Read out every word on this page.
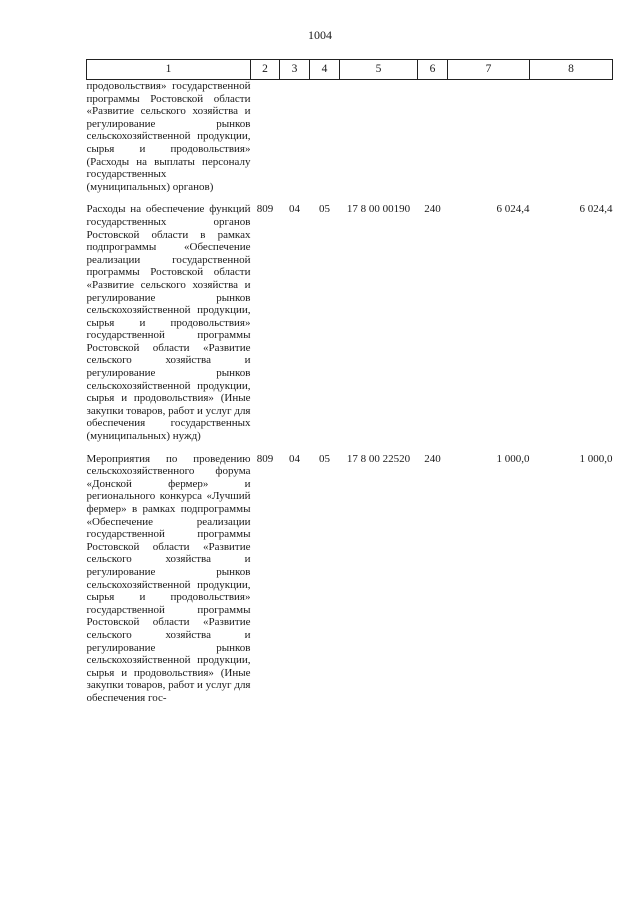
1004
1	2	3	4	5	6	7	8
продовольствия» государственной программы Ростовской области «Развитие сельского хозяйства и регулирование рынков сельскохозяйственной продукции, сырья и продовольствия» (Расходы на выплаты персоналу государственных (муниципальных) органов)							

Расходы на обеспечение функций государственных органов Ростовской области в рамках подпрограммы «Обеспечение реализации государственной программы Ростовской области «Развитие сельского хозяйства и регулирование рынков сельскохозяйственной продукции, сырья и продовольствия» государственной программы Ростовской области «Развитие сельского хозяйства и регулирование рынков сельскохозяйственной продукции, сырья и продовольствия» (Иные закупки товаров, работ и услуг для обеспечения государственных (муниципальных) нужд)	809	04	05	17 8 00 00190	240	6 024,4	6 024,4

Мероприятия по проведению сельскохозяйственного форума «Донской фермер» и регионального конкурса «Лучший фермер» в рамках подпрограммы «Обеспечение реализации государственной программы Ростовской области «Развитие сельского хозяйства и регулирование рынков сельскохозяйственной продукции, сырья и продовольствия» государственной программы Ростовской области «Развитие сельского хозяйства и регулирование рынков сельскохозяйственной продукции, сырья и продовольствия» (Иные закупки товаров, работ и услуг для обеспечения гос-	809	04	05	17 8 00 22520	240	1 000,0	1 000,0
